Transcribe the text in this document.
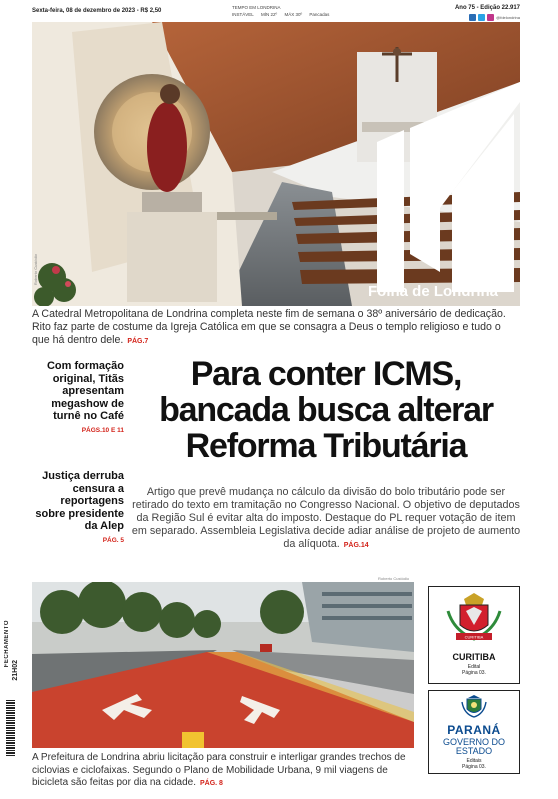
Sexta-feira, 08 de dezembro de 2023 - R$ 2,50
TEMPO EM LONDRINA
INSTÁVEL MÍN 22º MÁX 30º Pancadas
Ano 75 - Edição 22.917
@fdelondrina
Folha de Londrina
Roberto Custódio
A Catedral Metropolitana de Londrina completa neste fim de semana o 38º aniversário de dedicação. Rito faz parte de costume da Igreja Católica em que se consagra a Deus o templo religioso e tudo o que há dentro dele. PÁG.7
Com formação original, Titãs apresentam megashow de turnê no Café
PÁGS.10 E 11
Justiça derruba censura a reportagens sobre presidente da Alep
PÁG. 5
Para conter ICMS, bancada busca alterar Reforma Tributária
Artigo que prevê mudança no cálculo da divisão do bolo tributário pode ser retirado do texto em tramitação no Congresso Nacional. O objetivo de deputados da Região Sul é evitar alta do imposto. Destaque do PL requer votação de item em separado. Assembleia Legislativa decide adiar análise de projeto de aumento da alíquota. PÁG.14
Roberto Custódio
A Prefeitura de Londrina abriu licitação para construir e interligar grandes trechos de ciclovias e ciclofaixas. Segundo o Plano de Mobilidade Urbana, 9 mil viagens de bicicleta são feitas por dia na cidade. PÁG. 8
FECHAMENTO
21H02
CURITIBA
CURITIBA
Edital
Página 03.
PARANÁ
GOVERNO DO ESTADO
Editais
Página 03.
